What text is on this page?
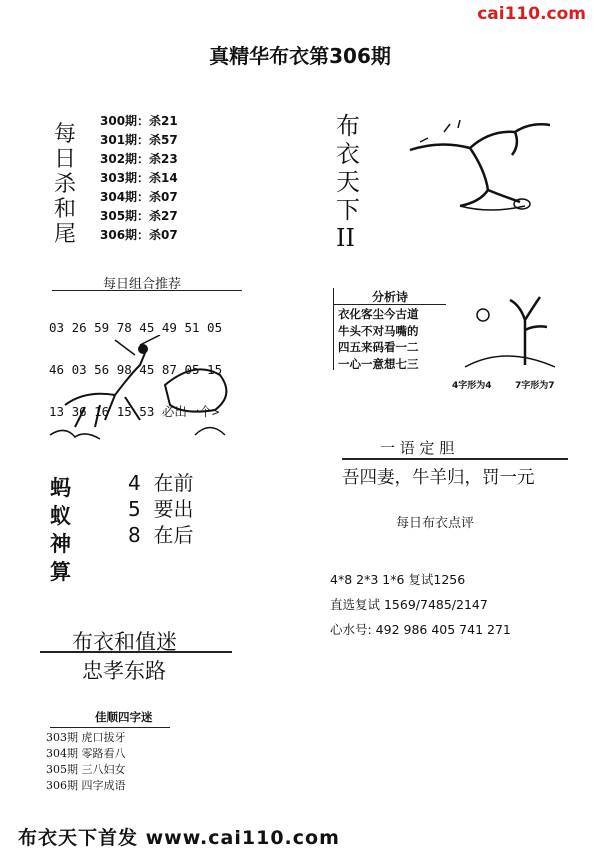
cai110.com
真精华布衣第306期
每
日
杀
和
尾
300期：杀21
301期：杀57
302期：杀23
303期：杀14
304期：杀07
305期：杀27
306期：杀07
布
衣
天
下
II
每日组合推荐

03 26 59 78 45 49 51 05

46 03 56 98 45 87 05 15

13 36 16 15 53 必出一个>

分析诗
衣化客尘今古道
牛头不对马嘴的
四五来码看一二
一心一意想七三
4字形为4	7字形为7
一 语 定 胆
吾四妻，牛羊归，罚一元
蚂
蚁
神
算
4 在前
5 要出
8 在后	每日布衣点评
4*8 2*3 1*6 复试1256
直选复试 1569/7485/2147
心水号: 492 986 405 741 271
布衣和值迷
忠孝东路
佳顺四字迷
303期 虎口拔牙
304期 零路看八
305期 三八妇女
306期 四字成语
布衣天下首发 www.cai110.com
